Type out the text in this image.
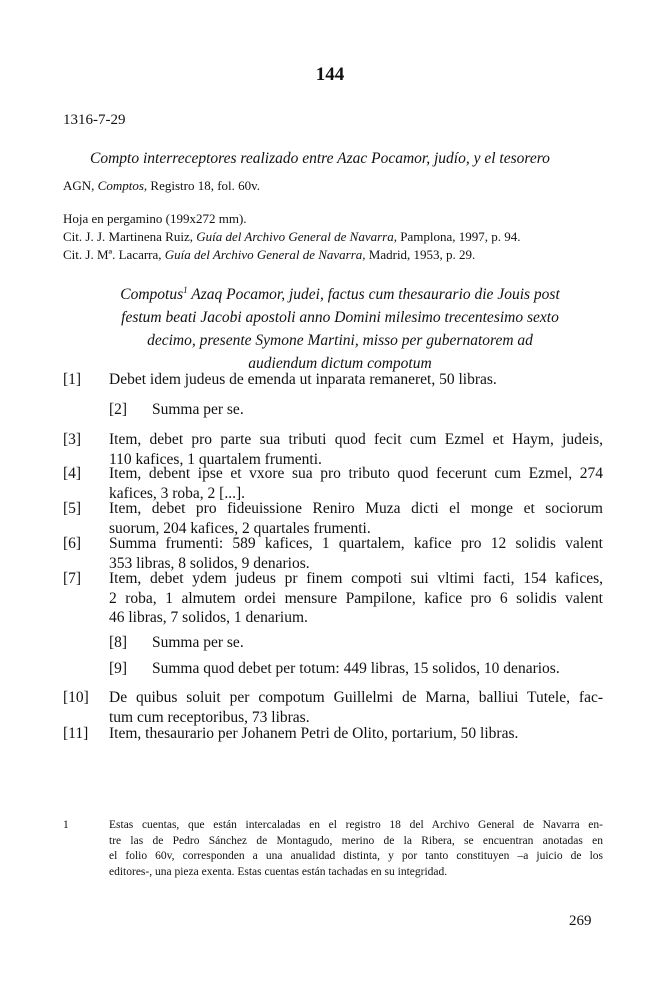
144
1316-7-29
Compto interreceptores realizado entre Azac Pocamor, judío, y el tesorero
AGN, Comptos, Registro 18, fol. 60v.
Hoja en pergamino (199x272 mm).
Cit. J. J. Martinena Ruiz, Guía del Archivo General de Navarra, Pamplona, 1997, p. 94.
Cit. J. Mª. Lacarra, Guía del Archivo General de Navarra, Madrid, 1953, p. 29.
Compotus$^1$ Azaq Pocamor, judei, factus cum thesaurario die Jouis post
festum beati Jacobi apostoli anno Domini milesimo trecentesimo sexto
decimo, presente Symone Martini, misso per gubernatorem ad
audiendum dictum compotum
[1] Debet idem judeus de emenda ut inparata remaneret, 50 libras.
[2] Summa per se.
[3] Item, debet pro parte sua tributi quod fecit cum Ezmel et Haym, judeis,
110 kafices, 1 quartalem frumenti.
[4] Item, debent ipse et vxore sua pro tributo quod fecerunt cum Ezmel, 274
kafices, 3 roba, 2 [...].
[5] Item, debet pro fideuissione Reniro Muza dicti el monge et sociorum
suorum, 204 kafices, 2 quartales frumenti.
[6] Summa frumenti: 589 kafices, 1 quartalem, kafice pro 12 solidis valent
353 libras, 8 solidos, 9 denarios.
[7] Item, debet ydem judeus pr finem compoti sui vltimi facti, 154 kafices,
2 roba, 1 almutem ordei mensure Pampilone, kafice pro 6 solidis valent
46 libras, 7 solidos, 1 denarium.
[8] Summa per se.
[9] Summa quod debet per totum: 449 libras, 15 solidos, 10 denarios.
[10] De quibus soluit per compotum Guillelmi de Marna, balliui Tutele, fac-
tum cum receptoribus, 73 libras.
[11] Item, thesaurario per Johanem Petri de Olito, portarium, 50 libras.
1	Estas cuentas, que están intercaladas en el registro 18 del Archivo General de Navarra en-
tre las de Pedro Sánchez de Montagudo, merino de la Ribera, se encuentran anotadas en
el folio 60v, corresponden a una anualidad distinta, y por tanto constituyen –a juicio de los
editores-, una pieza exenta. Estas cuentas están tachadas en su integridad.
269
